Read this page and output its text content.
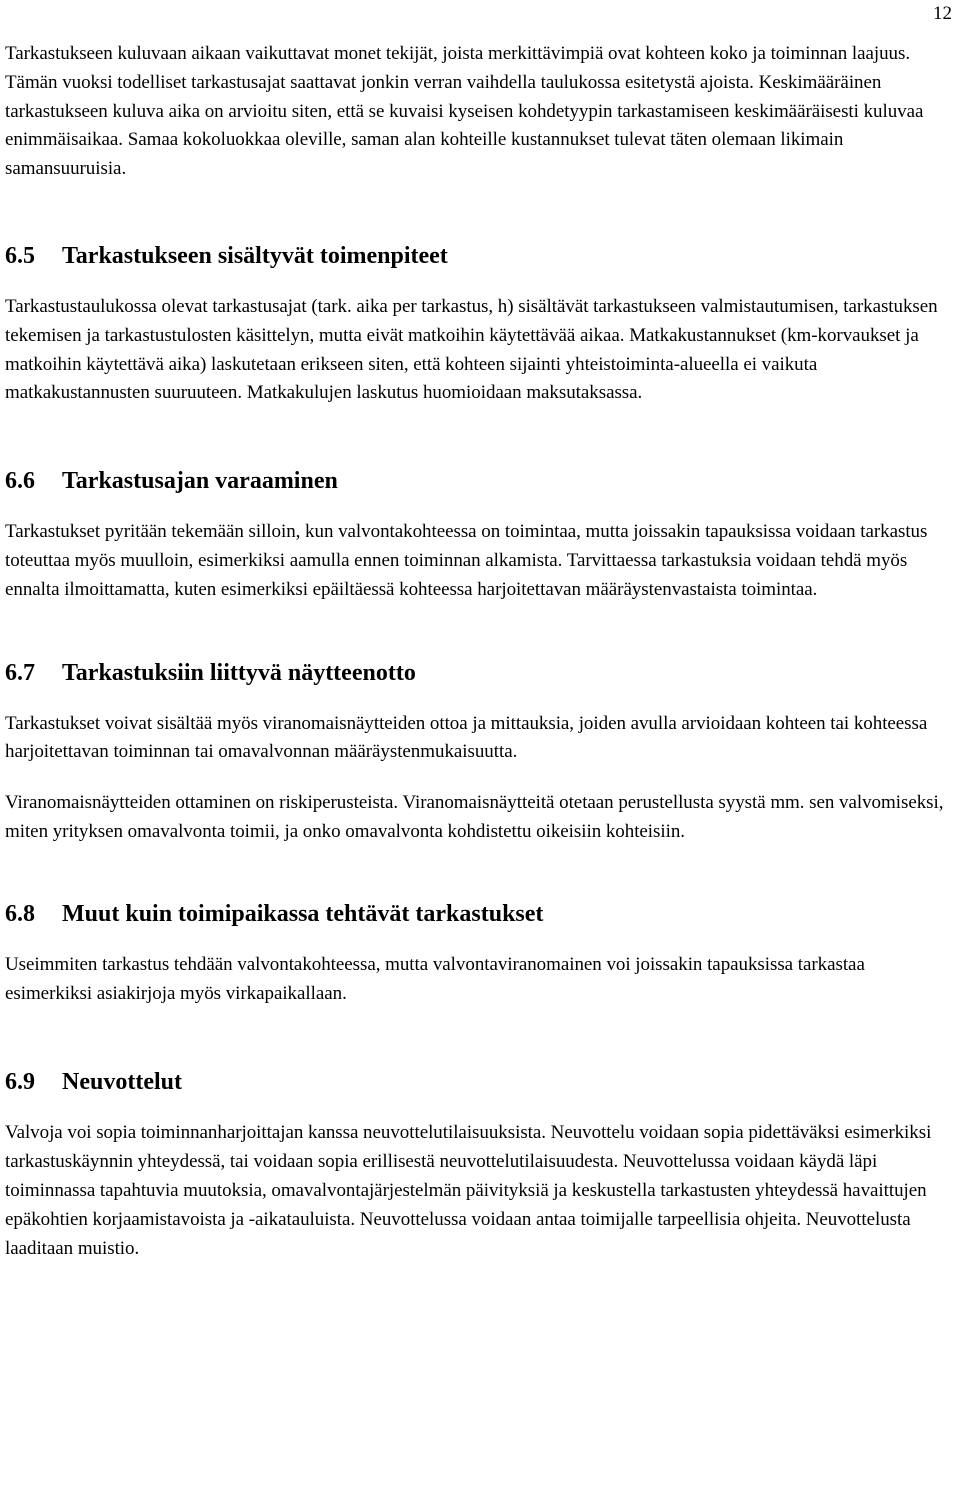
12

Tarkastukseen kuluvaan aikaan vaikuttavat monet tekijät, joista merkittävimpiä ovat kohteen koko ja toiminnan laajuus. Tämän vuoksi todelliset tarkastusajat saattavat jonkin verran vaihdella taulukossa esitetystä ajoista. Keskimääräinen tarkastukseen kuluva aika on arvioitu siten, että se kuvaisi kyseisen kohdetyypin tarkastamiseen keskimääräisesti kuluvaa enimmäisaikaa. Samaa kokoluokkaa oleville, saman alan kohteille kustannukset tulevat täten olemaan likimain samansuuruisia.

6.5 Tarkastukseen sisältyvät toimenpiteet

Tarkastustaulukossa olevat tarkastusajat (tark. aika per tarkastus, h) sisältävät tarkastukseen valmistautumisen, tarkastuksen tekemisen ja tarkastustulosten käsittelyn, mutta eivät matkoihin käytettävää aikaa. Matkakustannukset (km-korvaukset ja matkoihin käytettävä aika) laskutetaan erikseen siten, että kohteen sijainti yhteistoiminta-alueella ei vaikuta matkakustannusten suuruuteen. Matkakulujen laskutus huomioidaan maksutaksassa.

6.6 Tarkastusajan varaaminen

Tarkastukset pyritään tekemään silloin, kun valvontakohteessa on toimintaa, mutta joissakin tapauksissa voidaan tarkastus toteuttaa myös muulloin, esimerkiksi aamulla ennen toiminnan alkamista. Tarvittaessa tarkastuksia voidaan tehdä myös ennalta ilmoittamatta, kuten esimerkiksi epäiltäessä kohteessa harjoitettavan määräystenvastaista toimintaa.

6.7 Tarkastuksiin liittyvä näytteenotto

Tarkastukset voivat sisältää myös viranomaisnäytteiden ottoa ja mittauksia, joiden avulla arvioidaan kohteen tai kohteessa harjoitettavan toiminnan tai omavalvonnan määräystenmukaisuutta.

Viranomaisnäytteiden ottaminen on riskiperusteista. Viranomaisnäytteitä otetaan perustellusta syystä mm. sen valvomiseksi, miten yrityksen omavalvonta toimii, ja onko omavalvonta kohdistettu oikeisiin kohteisiin.

6.8 Muut kuin toimipaikassa tehtävät tarkastukset

Useimmiten tarkastus tehdään valvontakohteessa, mutta valvontaviranomainen voi joissakin tapauksissa tarkastaa esimerkiksi asiakirjoja myös virkapaikallaan.

6.9 Neuvottelut

Valvoja voi sopia toiminnanharjoittajan kanssa neuvottelutilaisuuksista. Neuvottelu voidaan sopia pidettäväksi esimerkiksi tarkastuskäynnin yhteydessä, tai voidaan sopia erillisestä neuvottelutilaisuudesta. Neuvottelussa voidaan käydä läpi toiminnassa tapahtuvia muutoksia, omavalvontajärjestelmän päivityksiä ja keskustella tarkastusten yhteydessä havaittujen epäkohtien korjaamistavoista ja -aikatauluista. Neuvottelussa voidaan antaa toimijalle tarpeellisia ohjeita. Neuvottelusta laaditaan muistio.
